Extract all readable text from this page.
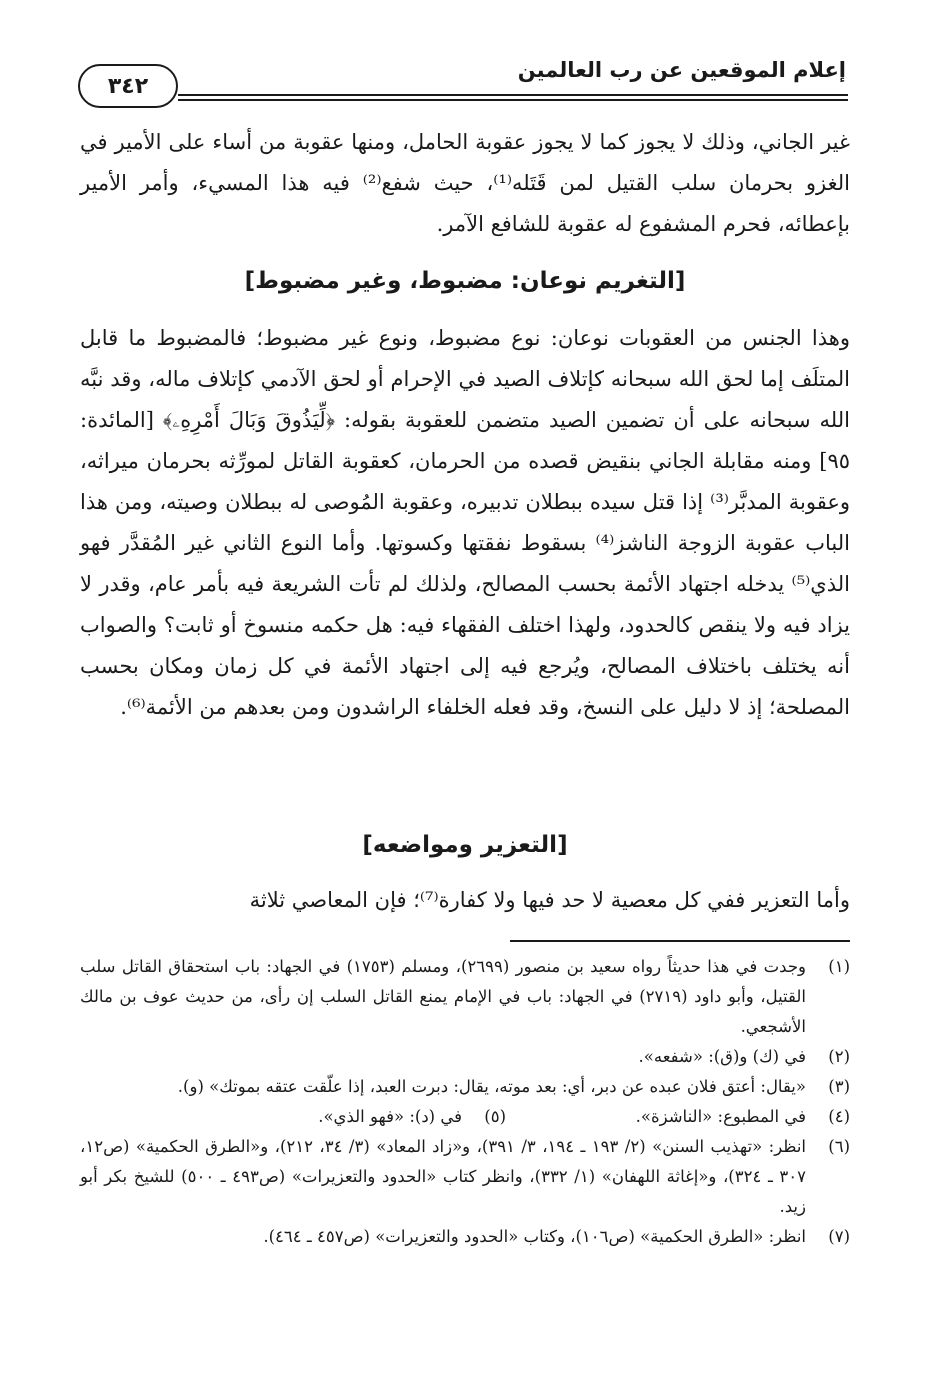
إعلام الموقعين عن رب العالمين
٣٤٢
غير الجاني، وذلك لا يجوز كما لا يجوز عقوبة الحامل، ومنها عقوبة من أساء على الأمير في الغزو بحرمان سلب القتيل لمن قَتَله⁽¹⁾، حيث شفع⁽²⁾ فيه هذا المسيء، وأمر الأمير بإعطائه، فحرم المشفوع له عقوبة للشافع الآمر.
[التغريم نوعان: مضبوط، وغير مضبوط]
وهذا الجنس من العقوبات نوعان: نوع مضبوط، ونوع غير مضبوط؛ فالمضبوط ما قابل المتلَف إما لحق الله سبحانه كإتلاف الصيد في الإحرام أو لحق الآدمي كإتلاف ماله، وقد نبَّه الله سبحانه على أن تضمين الصيد متضمن للعقوبة بقوله: ﴿لِّيَذُوقَ وَبَالَ أَمْرِهِۦ﴾ [المائدة: ٩٥] ومنه مقابلة الجاني بنقيض قصده من الحرمان، كعقوبة القاتل لمورِّثه بحرمان ميراثه، وعقوبة المدبَّر⁽³⁾ إذا قتل سيده ببطلان تدبيره، وعقوبة المُوصى له ببطلان وصيته، ومن هذا الباب عقوبة الزوجة الناشز⁽⁴⁾ بسقوط نفقتها وكسوتها. وأما النوع الثاني غير المُقدَّر فهو الذي⁽⁵⁾ يدخله اجتهاد الأئمة بحسب المصالح، ولذلك لم تأت الشريعة فيه بأمر عام، وقدر لا يزاد فيه ولا ينقص كالحدود، ولهذا اختلف الفقهاء فيه: هل حكمه منسوخ أو ثابت؟ والصواب أنه يختلف باختلاف المصالح، ويُرجع فيه إلى اجتهاد الأئمة في كل زمان ومكان بحسب المصلحة؛ إذ لا دليل على النسخ، وقد فعله الخلفاء الراشدون ومن بعدهم من الأئمة⁽⁶⁾.
[التعزير ومواضعه]
وأما التعزير ففي كل معصية لا حد فيها ولا كفارة⁽⁷⁾؛ فإن المعاصي ثلاثة
(١)
وجدت في هذا حديثاً رواه سعيد بن منصور (٢٦٩٩)، ومسلم (١٧٥٣) في الجهاد: باب استحقاق القاتل سلب القتيل، وأبو داود (٢٧١٩) في الجهاد: باب في الإمام يمنع القاتل السلب إن رأى، من حديث عوف بن مالك الأشجعي.
(٢)
في (ك) و(ق): «شفعه».
(٣)
«يقال: أعتق فلان عبده عن دبر، أي: بعد موته، يقال: دبرت العبد، إذا علّقت عتقه بموتك» (و).
(٤)
في المطبوع: «الناشزة».
(٥)
في (د): «فهو الذي».
(٦)
انظر: «تهذيب السنن» (٢/ ١٩٣ ـ ١٩٤، ٣/ ٣٩١)، و«زاد المعاد» (٣/ ٣٤، ٢١٢)، و«الطرق الحكمية» (ص١٢، ٣٠٧ ـ ٣٢٤)، و«إغاثة اللهفان» (١/ ٣٣٢)، وانظر كتاب «الحدود والتعزيرات» (ص٤٩٣ ـ ٥٠٠) للشيخ بكر أبو زيد.
(٧)
انظر: «الطرق الحكمية» (ص١٠٦)، وكتاب «الحدود والتعزيرات» (ص٤٥٧ ـ ٤٦٤).
